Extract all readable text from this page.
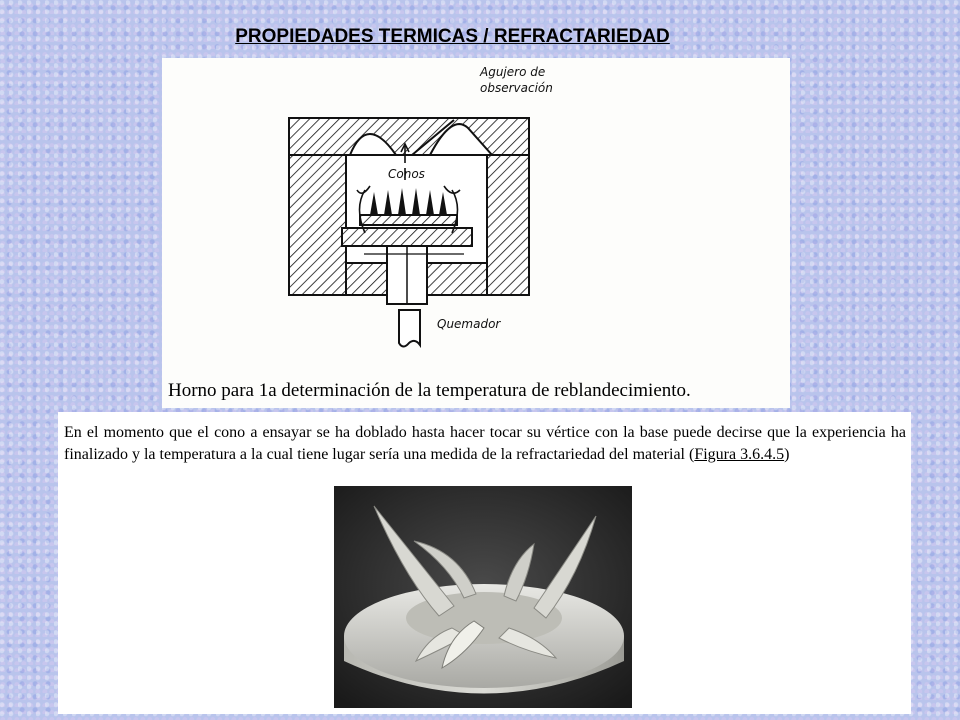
PROPIEDADES TERMICAS / REFRACTARIEDAD
Agujero de
observación
Conos
Quemador
Horno para 1a determinación de la temperatura de reblandecimiento.

En el momento que el cono a ensayar se ha doblado hasta hacer tocar su vértice con la base puede decirse que la experiencia ha finalizado y la temperatura a la cual tiene lugar sería una medida de la refractariedad del material (Figura 3.6.4.5)
